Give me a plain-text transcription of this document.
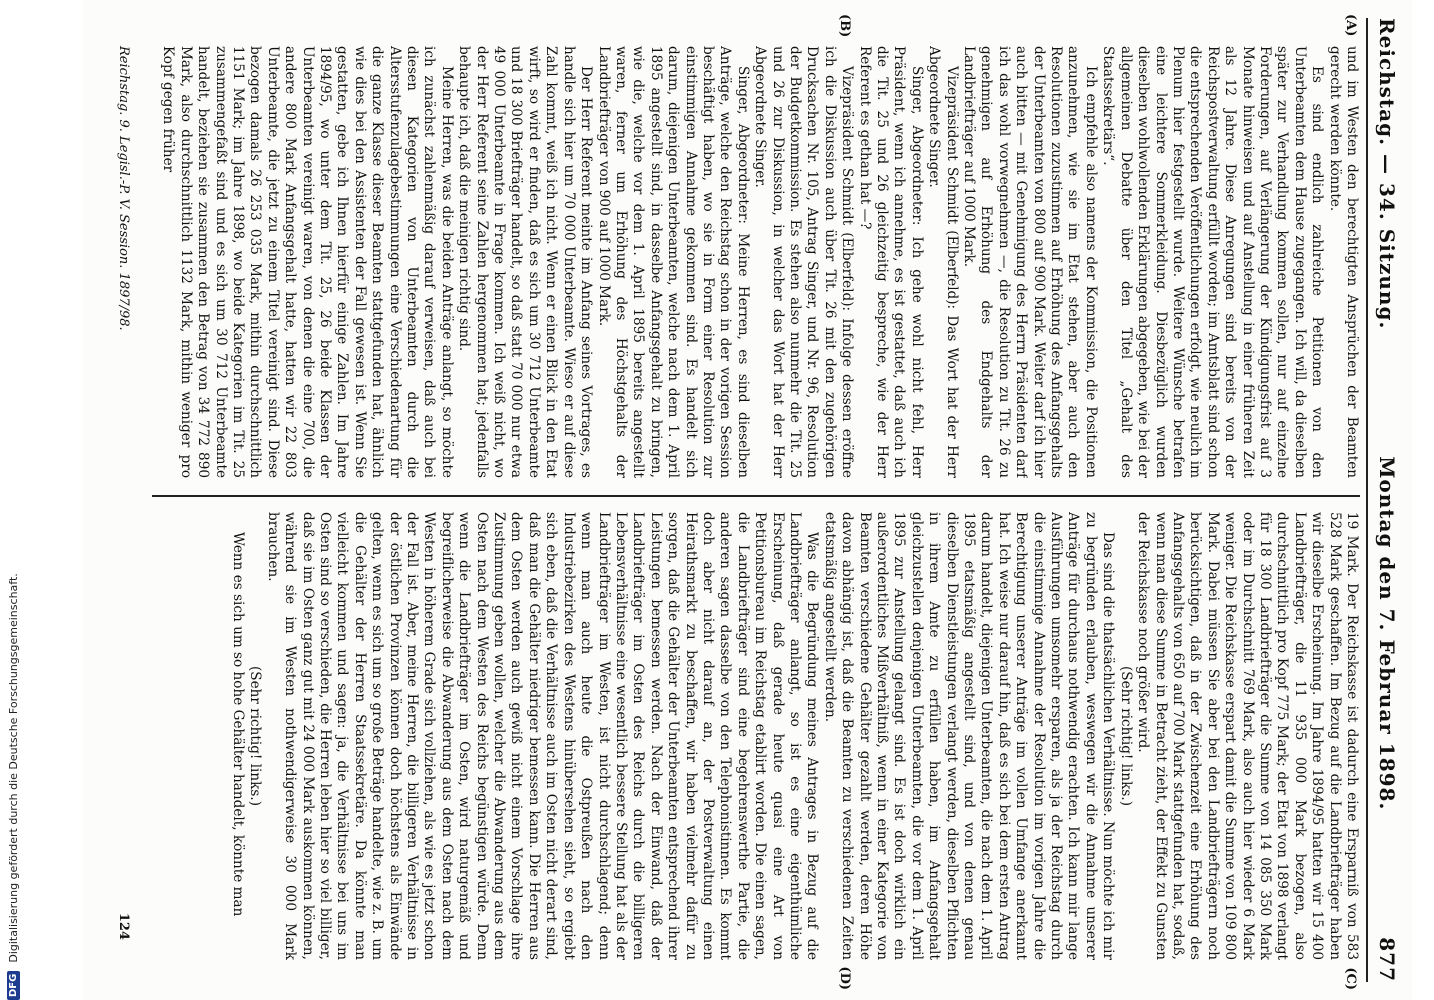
Reichstag. — 34. Sitzung.
Montag den 7. Februar 1898.
877
(A)
(B)
(C)
(D)

und im Westen den berechtigten Ansprüchen der Beamten gerecht werden könnte.

Es sind endlich zahlreiche Petitionen von den Unterbeamten dem Hause zugegangen. Ich will, da dieselben später zur Verhandlung kommen sollen, nur auf einzelne Forderungen, auf Verlängerung der Kündigungsfrist auf 3 Monate hinweisen und auf Anstellung in einer früheren Zeit als 12 Jahre. Diese Anregungen sind bereits von der Reichspostverwaltung erfüllt worden; im Amtsblatt sind schon die entsprechenden Veröffentlichungen erfolgt, wie neulich im Plenum hier festgestellt wurde. Weitere Wünsche betrafen eine leichtere Sommerkleidung. Diesbezüglich wurden dieselben wohlwollenden Erklärungen abgegeben, wie bei der allgemeinen Debatte über den Titel „Gehalt des Staatssekretärs“.

Ich empfehle also namens der Kommission, die Positionen anzunehmen, wie sie im Etat stehen, aber auch den Resolutionen zuzustimmen auf Erhöhung des Anfangsgehalts der Unterbeamten von 800 auf 900 Mark. Weiter darf ich hier auch bitten — mit Genehmigung des Herrn Präsidenten darf ich das wohl vorwegnehmen —, die Resolution zu Tit. 26 zu genehmigen auf Erhöhung des Endgehalts der Landbriefträger auf 1000 Mark.

Vizepräsident Schmidt (Elberfeld): Das Wort hat der Herr Abgeordnete Singer.

Singer, Abgeordneter: Ich gehe wohl nicht fehl, Herr Präsident, wenn ich annehme, es ist gestattet, daß auch ich die Tit. 25 und 26 gleichzeitig bespreche, wie der Herr Referent es gethan hat —?

Vizepräsident Schmidt (Elberfeld): Infolge dessen eröffne ich die Diskussion auch über Tit. 26 mit den zugehörigen Drucksachen Nr. 105, Antrag Singer, und Nr. 96, Resolution der Budgetkommission. Es stehen also nunmehr die Tit. 25 und 26 zur Diskussion, in welcher das Wort hat der Herr Abgeordnete Singer.

Singer, Abgeordneter: Meine Herren, es sind dieselben Anträge, welche den Reichstag schon in der vorigen Session beschäftigt haben, wo sie in Form einer Resolution zur einstimmigen Annahme gekommen sind. Es handelt sich darum, diejenigen Unterbeamten, welche nach dem 1. April 1895 angestellt sind, in dasselbe Anfangsgehalt zu bringen, wie die, welche vor dem 1. April 1895 bereits angestellt waren, ferner um Erhöhung des Höchstgehalts der Landbriefträger von 900 auf 1000 Mark.

Der Herr Referent meinte im Anfang seines Vortrages, es handle sich hier um 70 000 Unterbeamte. Wieso er auf diese Zahl kommt, weiß ich nicht. Wenn er einen Blick in den Etat wirft, so wird er finden, daß es sich um 30 712 Unterbeamte und 18 300 Briefträger handelt, so daß statt 70 000 nur etwa 49 000 Unterbeamte in Frage kommen. Ich weiß nicht, wo der Herr Referent seine Zahlen hergenommen hat; jedenfalls behaupte ich, daß die meinigen richtig sind.

Meine Herren, was die beiden Anträge anlangt, so möchte ich zunächst zahlenmäßig darauf verweisen, daß auch bei diesen Kategorien von Unterbeamten durch die Altersstufenzulagebestimmungen eine Verschiedenartung für die ganze Klasse dieser Beamten stattgefunden hat, ähnlich wie dies bei den Assistenten der Fall gewesen ist. Wenn Sie gestatten, gebe ich Ihnen hierfür einige Zahlen. Im Jahre 1894/95, wo unter dem Tit. 25, 26 beide Klassen der Unterbeamten vereinigt waren, von denen die eine 700, die andere 800 Mark Anfangsgehalt hatte, hatten wir 22 803 Unterbeamte, die jetzt zu einem Titel vereinigt sind. Diese bezogen damals 26 253 035 Mark, mithin durchschnittlich 1151 Mark; im Jahre 1898, wo beide Kategorien im Tit. 25 zusammengefaßt sind und es sich um 30 712 Unterbeamte handelt, beziehen sie zusammen den Betrag von 34 772 890 Mark, also durchschnittlich 1132 Mark, mithin weniger pro Kopf gegen früher

19 Mark. Der Reichskasse ist dadurch eine Ersparniß von 583 528 Mark geschaffen. Im Bezug auf die Landbriefträger haben wir dieselbe Erscheinung. Im Jahre 1894/95 hatten wir 15 400 Landbriefträger, die 11 935 000 Mark bezogen, also durchschnittlich pro Kopf 775 Mark; der Etat von 1898 verlangt für 18 300 Landbriefträger die Summe von 14 085 350 Mark oder im Durchschnitt 769 Mark, also auch hier wieder 6 Mark weniger. Die Reichskasse erspart damit die Summe von 109 800 Mark. Dabei müssen Sie aber bei den Landbriefträgern noch berücksichtigen, daß in der Zwischenzeit eine Erhöhung des Anfangsgehalts von 650 auf 700 Mark stattgefunden hat, sodaß, wenn man diese Summe in Betracht zieht, der Effekt zu Gunsten der Reichskasse noch größer wird.

(Sehr richtig! links.)

Das sind die thatsächlichen Verhältnisse. Nun möchte ich mir zu begründen erlauben, weswegen wir die Annahme unserer Anträge für durchaus nothwendig erachten. Ich kann mir lange Ausführungen umsomehr ersparen, als ja der Reichstag durch die einstimmige Annahme der Resolution im vorigen Jahre die Berechtigung unserer Anträge im vollen Umfange anerkannt hat. Ich weise nur darauf hin, daß es sich bei dem ersten Antrag darum handelt, diejenigen Unterbeamten, die nach dem 1. April 1895 etatsmäßig angestellt sind, und von denen genau dieselben Dienstleistungen verlangt werden, dieselben Pflichten in ihrem Amte zu erfüllen haben, im Anfangsgehalt gleichzustellen denjenigen Unterbeamten, die vor dem 1. April 1895 zur Anstellung gelangt sind. Es ist doch wirklich ein außerordentliches Mißverhältniß, wenn in einer Kategorie von Beamten verschiedene Gehälter gezahlt werden, deren Höhe davon abhängig ist, daß die Beamten zu verschiedenen Zeiten etatsmäßig angestellt werden.

Was die Begründung meines Antrages in Bezug auf die Landbriefträger anlangt, so ist es eine eigenthümliche Erscheinung, daß gerade heute quasi eine Art von Petitionsbureau im Reichstag etablirt worden. Die einen sagen, die Landbriefträger sind eine begehrenswerthe Partie, die anderen sagen dasselbe von den Telephonistinnen. Es kommt doch aber nicht darauf an, der Postverwaltung einen Heirathsmarkt zu beschaffen, wir haben vielmehr dafür zu sorgen, daß die Gehälter der Unterbeamten entsprechend ihrer Leistungen bemessen werden. Nach der Einwand, daß der Landbriefträger im Osten des Reichs durch die billigeren Lebensverhältnisse eine wesentlich bessere Stellung hat als der Landbriefträger im Westen, ist nicht durchschlagend; denn wenn man auch heute die Ostpreußen nach den Industriebezirken des Westens hinübersehen sieht, so ergiebt sich eben, daß die Verhältnisse auch im Osten nicht derart sind, daß man die Gehälter niedriger bemessen kann. Die Herren aus dem Osten werden auch gewiß nicht einem Vorschlage ihre Zustimmung geben wollen, welcher die Abwanderung aus dem Osten nach dem Westen des Reichs begünstigen würde. Denn wenn die Landbriefträger im Osten, wird naturgemäß und begreiflicherweise die Abwanderung aus dem Osten nach dem Westen in höherem Grade sich vollziehen, als wie es jetzt schon der Fall ist. Aber, meine Herren, die billigeren Verhältnisse in der östlichen Provinzen können doch höchstens als Einwände gelten, wenn es sich um so große Beträge handelte, wie z. B. um die Gehälter der Herren Staatssekretäre. Da könnte man vielleicht kommen und sagen: ja, die Verhältnisse bei uns im Osten sind so verschieden, die Herren leben hier so viel billiger, daß sie im Osten ganz gut mit 24 000 Mark auskommen können, während sie im Westen nothwendigerweise 30 000 Mark brauchen.

(Sehr richtig! links.)

Wenn es sich um so hohe Gehälter handelt, könnte man

Reichstag. 9. Legisl.-P. V. Session. 1897/98.
124
DFG
Digitalisierung gefördert durch die Deutsche Forschungsgemeinschaft.
